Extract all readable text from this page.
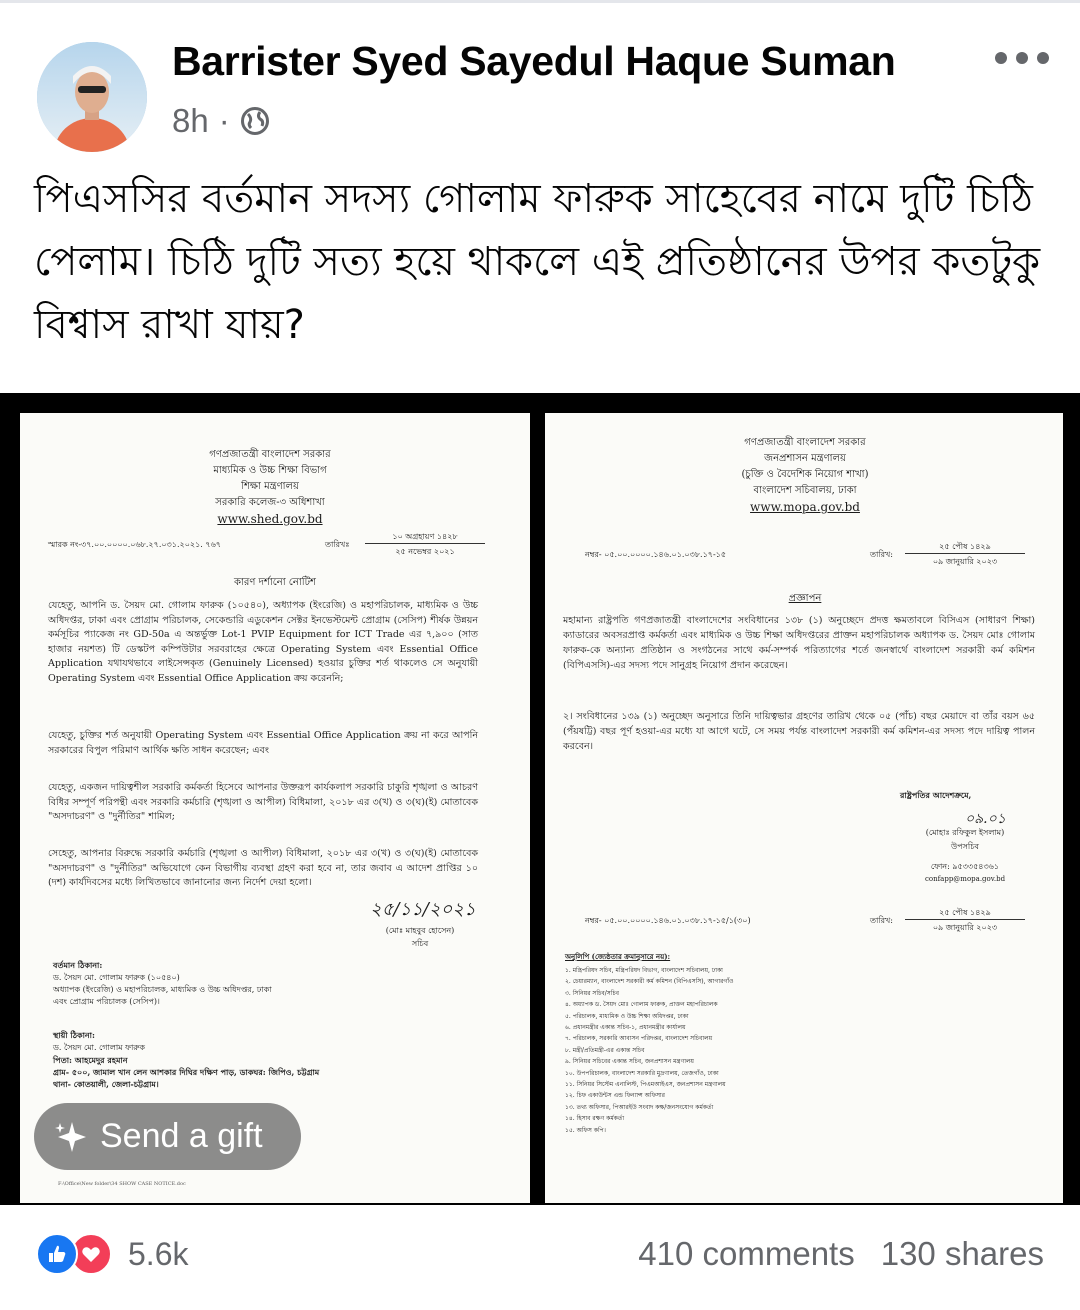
Barrister Syed Sayedul Haque Suman
8h ·
পিএসসির বর্তমান সদস্য গোলাম ফারুক সাহেবের নামে দুটি চিঠি পেলাম। চিঠি দুটি সত্য হয়ে থাকলে এই প্রতিষ্ঠানের উপর কতটুকু বিশ্বাস রাখা যায়?
গণপ্রজাতন্ত্রী বাংলাদেশ সরকার
মাধ্যমিক ও উচ্চ শিক্ষা বিভাগ
শিক্ষা মন্ত্রণালয়
সরকারি কলেজ-৩ অধিশাখা
www.shed.gov.bd
স্মারক নং-৩৭.০০.০০০০.০৬৮.২৭.০৩১.২০২১. ৭৬৭	তারিখঃ
১০ অগ্রহায়ণ ১৪২৮
২৫ নভেম্বর ২০২১
কারণ দর্শানো নোটিশ
যেহেতু, আপনি ড. সৈয়দ মো. গোলাম ফারুক (১০৫৪০), অধ্যাপক (ইংরেজি) ও মহাপরিচালক, মাধ্যমিক ও উচ্চ অধিদপ্তর, ঢাকা এবং প্রোগ্রাম পরিচালক, সেকেন্ডারি এডুকেশন সেক্টর ইনভেস্টমেন্ট প্রোগ্রাম (সেসিপ) শীর্ষক উন্নয়ন কর্মসূচির প্যাকেজ নং GD-50a এ অন্তর্ভুক্ত Lot-1 PVIP Equipment for ICT Trade এর ৭,৯০০ (সাত হাজার নয়শত) টি ডেস্কটপ কম্পিউটার সরবরাহের ক্ষেত্রে Operating System এবং Essential Office Application যথাযথভাবে লাইসেন্সকৃত (Genuinely Licensed) হওয়ার চুক্তির শর্ত থাকলেও সে অনুযায়ী Operating System এবং Essential Office Application ক্রয় করেননি;
যেহেতু, চুক্তির শর্ত অনুযায়ী Operating System এবং Essential Office Application ক্রয় না করে আপনি সরকারের বিপুল পরিমাণ আর্থিক ক্ষতি সাধন করেছেন; এবং
যেহেতু, একজন দায়িত্বশীল সরকারি কর্মকর্তা হিসেবে আপনার উক্তরূপ কার্যকলাপ সরকারি চাকুরি শৃঙ্খলা ও আচরণ বিধির সম্পূর্ণ পরিপন্থী এবং সরকারি কর্মচারি (শৃঙ্খলা ও আপীল) বিধিমালা, ২০১৮ এর ৩(খ) ও ৩(ঘ)(ই) মোতাবেক "অসদাচরণ" ও "দুর্নীতির" শামিল;
সেহেতু, আপনার বিরুদ্ধে সরকারি কর্মচারি (শৃঙ্খলা ও আপীল) বিধিমালা, ২০১৮ এর ৩(খ) ও ৩(ঘ)(ই) মোতাবেক "অসদাচরণ" ও "দুর্নীতির" অভিযোগে কেন বিভাগীয় ব্যবস্থা গ্রহণ করা হবে না, তার জবাব এ আদেশ প্রাপ্তির ১০ (দশ) কার্যদিবসের মধ্যে লিখিতভাবে জানানোর জন্য নির্দেশ দেয়া হলো।
২৫/১১/২০২১
(মোঃ মাহবুব হোসেন)
সচিব
বর্তমান ঠিকানা:
ড. সৈয়দ মো. গোলাম ফারুক (১০৫৪০)
অধ্যাপক (ইংরেজি) ও মহাপরিচালক, মাধ্যমিক ও উচ্চ অধিদপ্তর, ঢাকা
এবং প্রোগ্রাম পরিচালক (সেসিপ)।
স্থায়ী ঠিকানা:
ড. সৈয়দ মো. গোলাম ফারুক
পিতা: আহমেদুর রহমান
গ্রাম- ৫০০, জামাল খান লেন আশকার দিঘির দক্ষিণ পাড়, ডাকঘর: জিপিও, চট্টগ্রাম
থানা- কোতয়ালী, জেলা-চট্টগ্রাম।
F:\Office\New folder\34 SHOW CASE NOTICE.doc
গণপ্রজাতন্ত্রী বাংলাদেশ সরকার
জনপ্রশাসন মন্ত্রণালয়
(চুক্তি ও বৈদেশিক নিয়োগ শাখা)
বাংলাদেশ সচিবালয়, ঢাকা
www.mopa.gov.bd
নম্বর- ০৫.০০.০০০০.১৪৬.০১.০৩৮.১৭-১৫	তারিখ:
২৫ পৌষ ১৪২৯
০৯ জানুয়ারি ২০২৩
প্রজ্ঞাপন
মহামান্য রাষ্ট্রপতি গণপ্রজাতন্ত্রী বাংলাদেশের সংবিধানের ১৩৮ (১) অনুচ্ছেদে প্রদত্ত ক্ষমতাবলে বিসিএস (সাধারণ শিক্ষা) ক্যাডারের অবসরপ্রাপ্ত কর্মকর্তা এবং মাধ্যমিক ও উচ্চ শিক্ষা অধিদপ্তরের প্রাক্তন মহাপরিচালক অধ্যাপক ড. সৈয়দ মোঃ গোলাম ফারুক-কে অন্যান্য প্রতিষ্ঠান ও সংগঠনের সাথে কর্ম-সম্পর্ক পরিত্যাগের শর্তে জনস্বার্থে বাংলাদেশ সরকারী কর্ম কমিশন (বিপিএসসি)-এর সদস্য পদে সানুগ্রহ নিয়োগ প্রদান করেছেন।
২। সংবিধানের ১৩৯ (১) অনুচ্ছেদ অনুসারে তিনি দায়িত্বভার গ্রহণের তারিখ থেকে ০৫ (পাঁচ) বছর মেয়াদে বা তাঁর বয়স ৬৫ (পঁয়ষট্টি) বছর পূর্ণ হওয়া-এর মধ্যে যা আগে ঘটে, সে সময় পর্যন্ত বাংলাদেশ সরকারী কর্ম কমিশন-এর সদস্য পদে দায়িত্ব পালন করবেন।
রাষ্ট্রপতির আদেশক্রমে,
০৯.০১
(মোহাঃ রফিকুল ইসলাম)
উপসচিব
ফোন: ৯৫৩৩৫৪৩৬১
confapp@mopa.gov.bd
নম্বর- ০৫.০০.০০০০.১৪৬.০১.০৩৮.১৭-১৫/১(৩০)	তারিখ:
২৫ পৌষ ১৪২৯
০৯ জানুয়ারি ২০২৩
অনুলিপি (জ্যেষ্ঠতার ক্রমানুসারে নয়):
১. মন্ত্রিপরিষদ সচিব, মন্ত্রিপরিষদ বিভাগ, বাংলাদেশ সচিবালয়, ঢাকা
২. চেয়ারম্যান, বাংলাদেশ সরকারী কর্ম কমিশন (বিপিএসসি), আগারগাঁও
৩. সিনিয়র সচিব/সচিব
৪. অধ্যাপক ড. সৈয়দ মোঃ গোলাম ফারুক, প্রাক্তন মহাপরিচালক
৫. পরিচালক, মাধ্যমিক ও উচ্চ শিক্ষা অধিদপ্তর, ঢাকা
৬. প্রধানমন্ত্রীর একান্ত সচিব-১, প্রধানমন্ত্রীর কার্যালয়
৭. পরিচালক, সরকারি আবাসন পরিদপ্তর, বাংলাদেশ সচিবালয়
৮. মন্ত্রী/প্রতিমন্ত্রী-এর একান্ত সচিব
৯. সিনিয়র সচিবের একান্ত সচিব, জনপ্রশাসন মন্ত্রণালয়
১০. উপপরিচালক, বাংলাদেশ সরকারি মুদ্রণালয়, তেজগাঁও, ঢাকা
১১. সিনিয়র সিস্টেম এনালিস্ট, পিএমআইএস, জনপ্রশাসন মন্ত্রণালয়
১২. চিফ একাউন্টস এন্ড ফিন্যান্স অফিসার
১৩. তথ্য অফিসার, পিআরইউ সংবাদ কক্ষ/জনসংযোগ কর্মকর্তা
১৪. হিসাব রক্ষণ কর্মকর্তা
১৫. অফিস কপি।
Send a gift
5.6k	410 comments 130 shares
